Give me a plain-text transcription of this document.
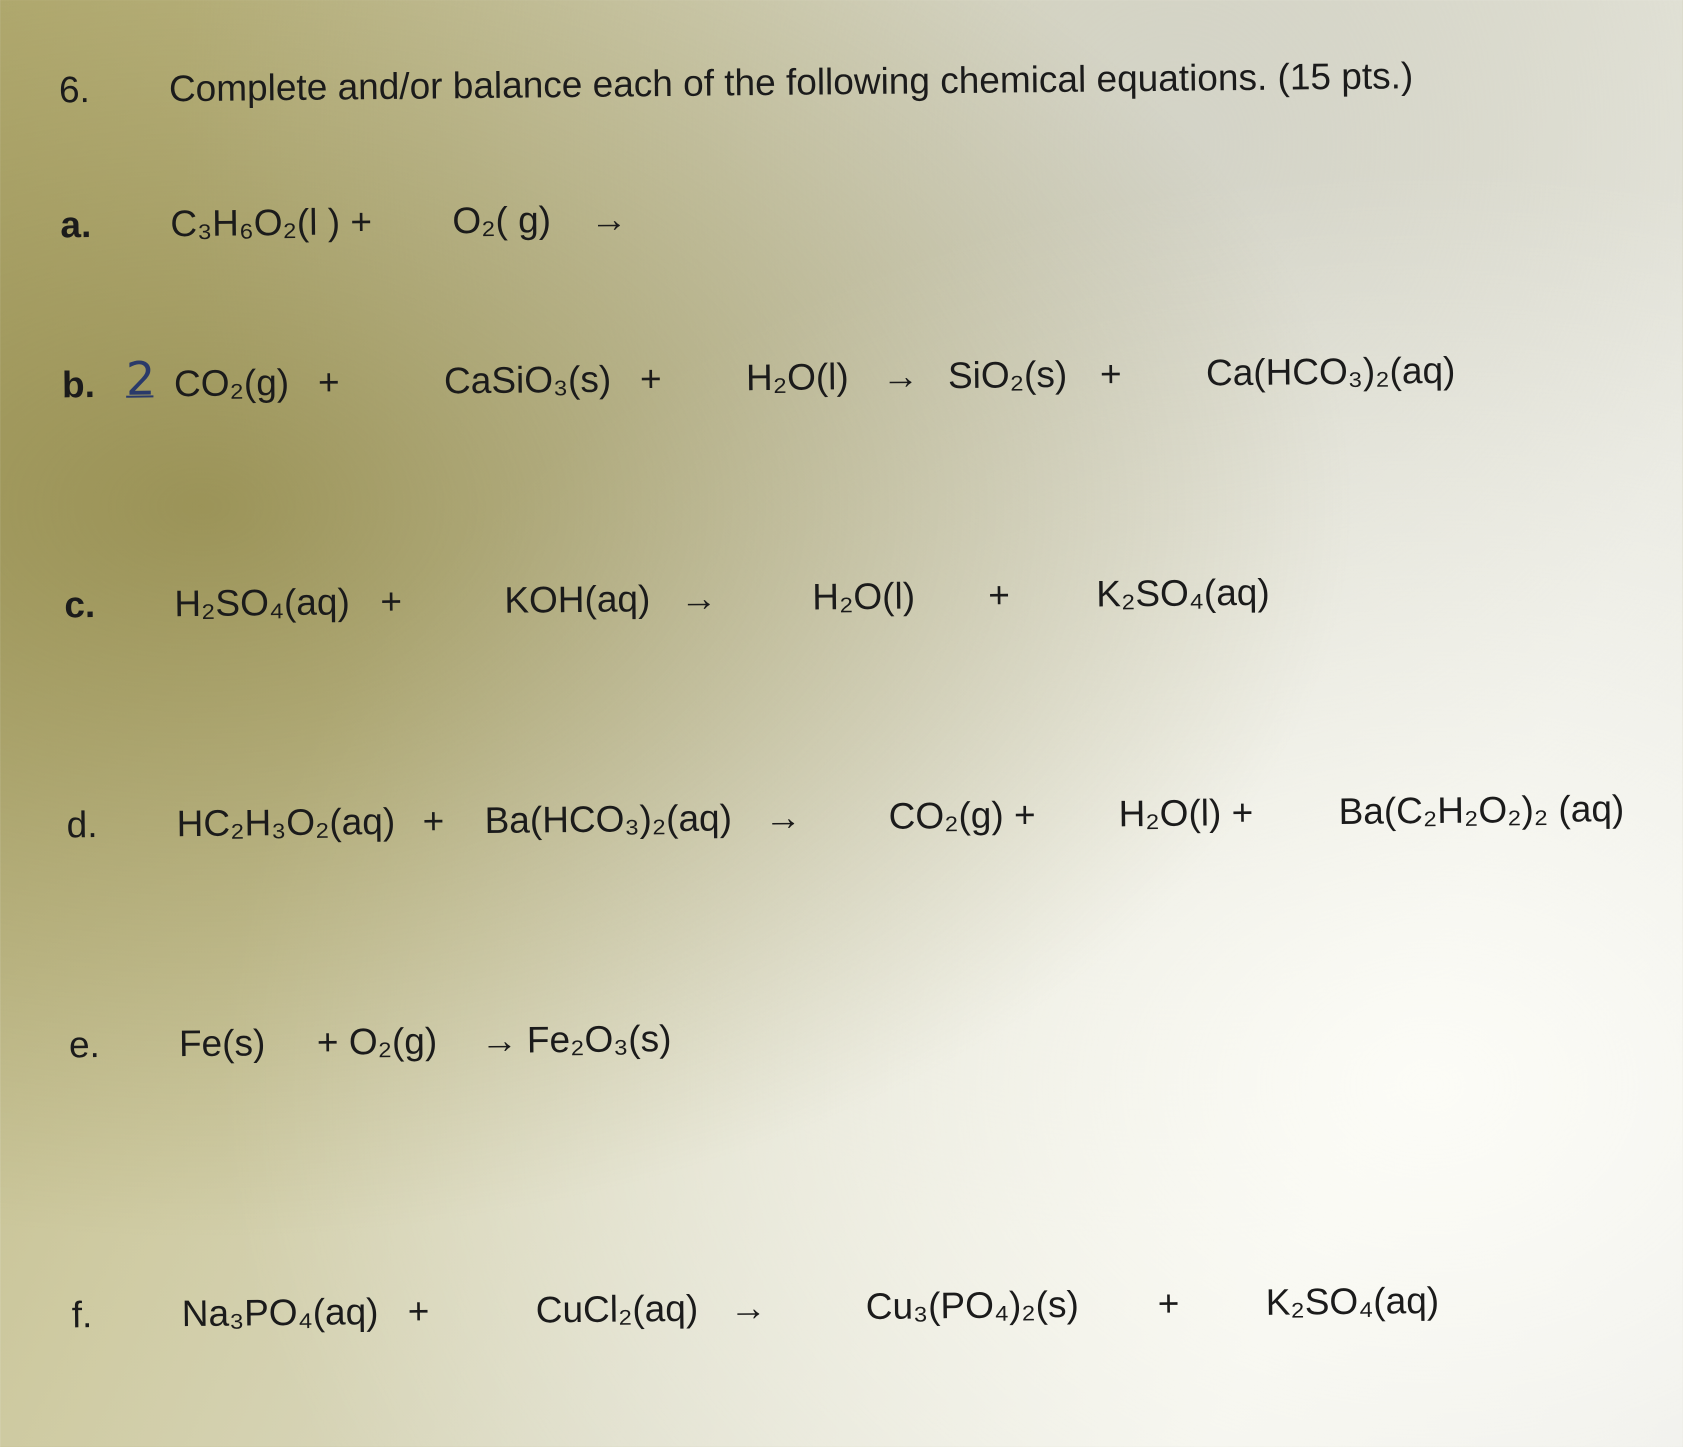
6. Complete and/or balance each of the following chemical equations. (15 pts.)
a. C₃H₆O₂(l ) + O₂( g) →
b. 2 CO₂(g) +	CaSiO₃(s) + H₂O(l) → SiO₂(s) + Ca(HCO₃)₂(aq)
c. H₂SO₄(aq) +	KOH(aq) →	H₂O(l) + K₂SO₄(aq)
d. HC₂H₃O₂(aq) + Ba(HCO₃)₂(aq) → CO₂(g) + H₂O(l) + Ba(C₂H₂O₂)₂ (aq)
e. Fe(s) + O₂(g) → Fe₂O₃(s)
f. Na₃PO₄(aq) +	CuCl₂(aq) →	Cu₃(PO₄)₂(s) + K₂SO₄(aq)
